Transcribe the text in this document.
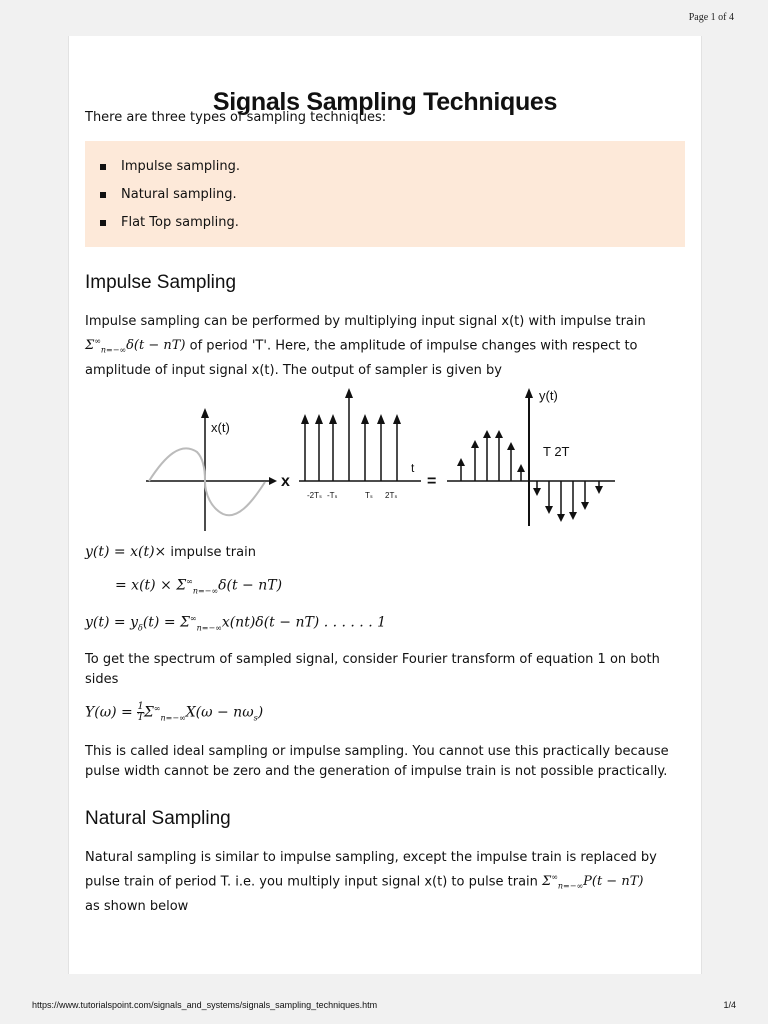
Page 1 of 4
Signals Sampling Techniques

There are three types of sampling techniques:

Impulse sampling.
Natural sampling.
Flat Top sampling.
Impulse Sampling

Impulse sampling can be performed by multiplying input signal x(t) with impulse train
$\Sigma^\infty_{n=-\infty}\delta(t - nT)$ of period 'T'. Here, the amplitude of impulse changes with respect to
amplitude of input signal x(t). The output of sampler is given by

x(t)
x
t
-2Tₛ -Tₛ	Tₛ 2Tₛ
=
y(t)
T 2T
y(t) = x(t)× impulse train
= $x(t) \times \Sigma^\infty_{n=-\infty}\delta(t - nT)$
$y(t) = y_\delta(t) = \Sigma^\infty_{n=-\infty}x(nt)\delta(t - nT)$ . . . . . . 1

To get the spectrum of sampled signal, consider Fourier transform of equation 1 on both sides

$Y(\omega) = \frac{1}{T} \Sigma^\infty_{n=-\infty}X(\omega - n\omega_s)$

This is called ideal sampling or impulse sampling. You cannot use this practically because pulse width cannot be zero and the generation of impulse train is not possible practically.

Natural Sampling

Natural sampling is similar to impulse sampling, except the impulse train is replaced by
pulse train of period T. i.e. you multiply input signal x(t) to pulse train $\Sigma^\infty_{n=-\infty}P(t - nT)$
as shown below

https://www.tutorialspoint.com/signals_and_systems/signals_sampling_techniques.htm	1/4
